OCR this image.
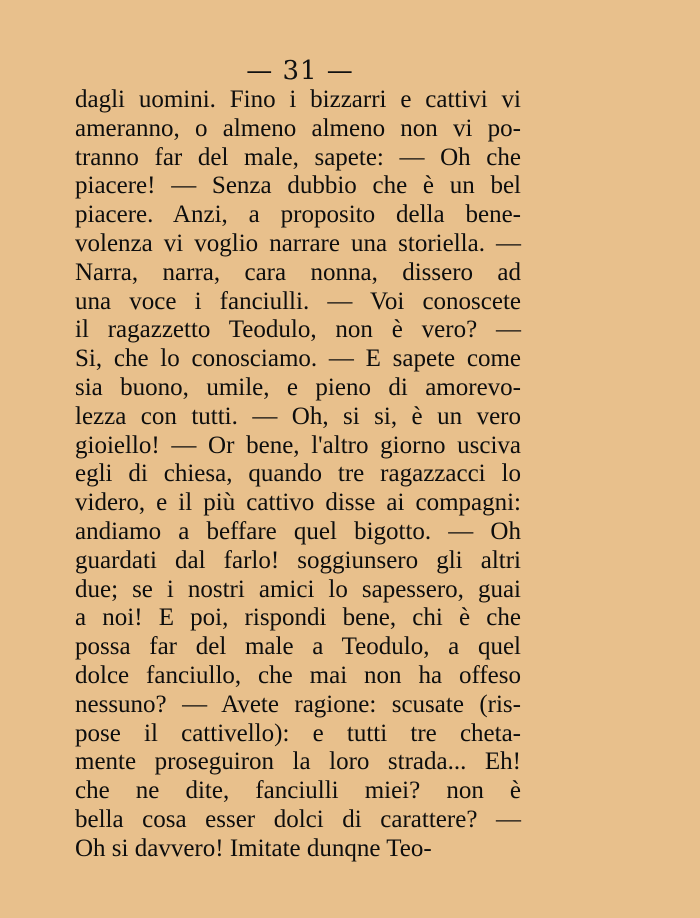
— 31 —
dagli uomini. Fino i bizzarri e cattivi vi
ameranno, o almeno almeno non vi po-
tranno far del male, sapete: — Oh che
piacere! — Senza dubbio che è un bel
piacere. Anzi, a proposito della bene-
volenza vi voglio narrare una storiella. —
Narra, narra, cara nonna, dissero ad
una voce i fanciulli. — Voi conoscete
il ragazzetto Teodulo, non è vero? —
Si, che lo conosciamo. — E sapete come
sia buono, umile, e pieno di amorevo-
lezza con tutti. — Oh, si si, è un vero
gioiello! — Or bene, l'altro giorno usciva
egli di chiesa, quando tre ragazzacci lo
videro, e il più cattivo disse ai compagni:
andiamo a beffare quel bigotto. — Oh
guardati dal farlo! soggiunsero gli altri
due; se i nostri amici lo sapessero, guai
a noi! E poi, rispondi bene, chi è che
possa far del male a Teodulo, a quel
dolce fanciullo, che mai non ha offeso
nessuno? — Avete ragione: scusate (ris-
pose il cattivello): e tutti tre cheta-
mente proseguiron la loro strada... Eh!
che ne dite, fanciulli miei? non è
bella cosa esser dolci di carattere? —
Oh si davvero! Imitate dunqne Teo-
